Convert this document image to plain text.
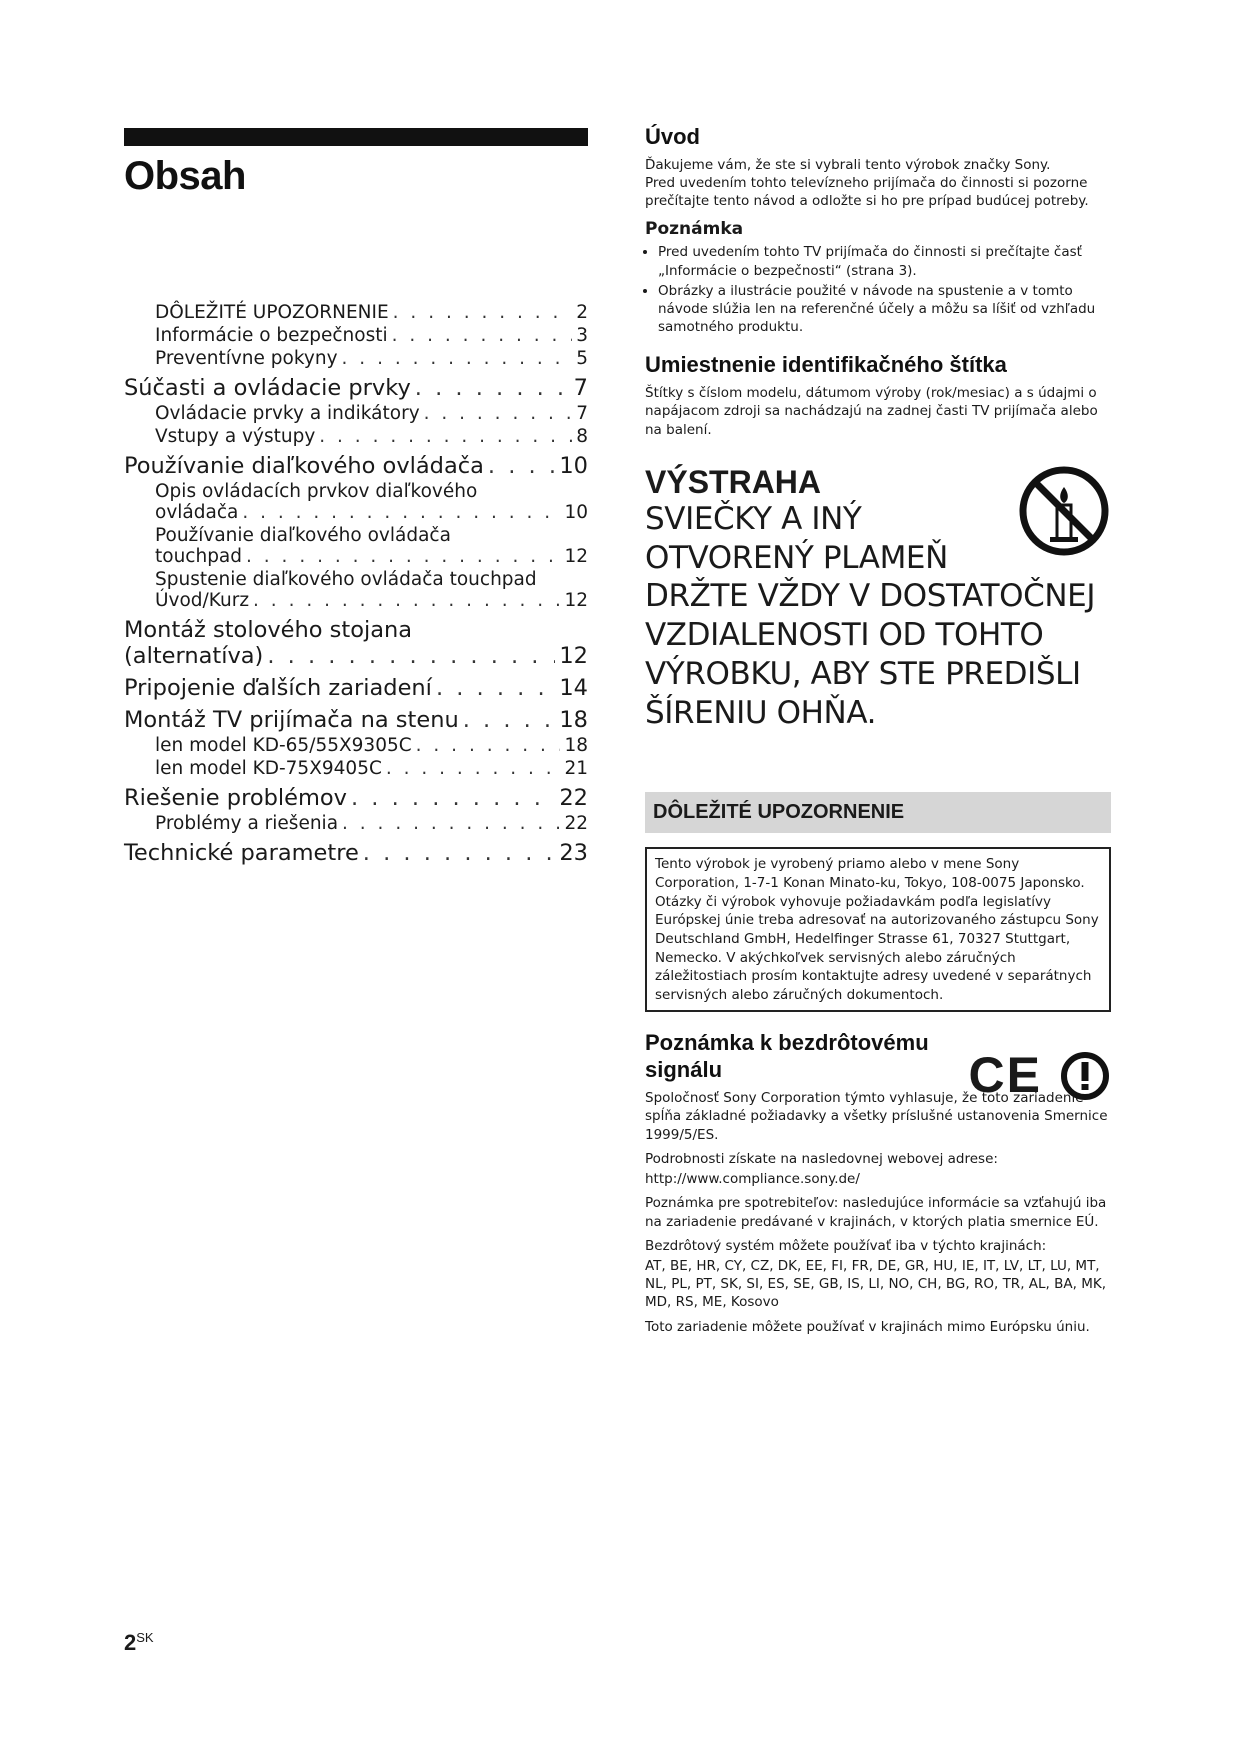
Obsah
DÔLEŽITÉ UPOZORNENIE . . .	2
Informácie o bezpečnosti . . .	3
Preventívne pokyny . . .	5
Súčasti a ovládacie prvky . . .	7
Ovládacie prvky a indikátory . . .	7
Vstupy a výstupy . . .	8
Používanie diaľkového ovládača . . .	10
Opis ovládacích prvkov diaľkového
ovládača . . .	10
Používanie diaľkového ovládača
touchpad . . .	12
Spustenie diaľkového ovládača touchpad
Úvod/Kurz . . .	12
Montáž stolového stojana
(alternatíva) . . .	12
Pripojenie ďalších zariadení . . .	14
Montáž TV prijímača na stenu . . .	18
len model KD-65/55X9305C . . .	18
len model KD-75X9405C . . .	21
Riešenie problémov . . .	22
Problémy a riešenia . . .	22
Technické parametre . . .	23
Úvod

Ďakujeme vám, že ste si vybrali tento výrobok značky Sony.

Pred uvedením tohto televízneho prijímača do činnosti si pozorne prečítajte tento návod a odložte si ho pre prípad budúcej potreby.

Poznámka
• Pred uvedením tohto TV prijímača do činnosti si prečítajte časť „Informácie o bezpečnosti“ (strana 3).
• Obrázky a ilustrácie použité v návode na spustenie a v tomto návode slúžia len na referenčné účely a môžu sa líšiť od vzhľadu samotného produktu.
Umiestnenie identifikačného štítka

Štítky s číslom modelu, dátumom výroby (rok/mesiac) a s údajmi o napájacom zdroji sa nachádzajú na zadnej časti TV prijímača alebo na balení.

VÝSTRAHA
SVIEČKY A INÝ
OTVORENÝ PLAMEŇ
DRŽTE VŽDY V DOSTATOČNEJ
VZDIALENOSTI OD TOHTO
VÝROBKU, ABY STE PREDIŠLI
ŠÍRENIU OHŇA.
DÔLEŽITÉ UPOZORNENIE
Tento výrobok je vyrobený priamo alebo v mene Sony Corporation, 1-7-1 Konan Minato-ku, Tokyo, 108-0075 Japonsko. Otázky či výrobok vyhovuje požiadavkám podľa legislatívy Európskej únie treba adresovať na autorizovaného zástupcu Sony Deutschland GmbH, Hedelfinger Strasse 61, 70327 Stuttgart, Nemecko. V akýchkoľvek servisných alebo záručných záležitostiach prosím kontaktujte adresy uvedené v separátnych servisných alebo záručných dokumentoch.
Poznámka k bezdrôtovému signálu	CE

Spoločnosť Sony Corporation týmto vyhlasuje, že toto zariadenie spĺňa základné požiadavky a všetky príslušné ustanovenia Smernice 1999/5/ES.

Podrobnosti získate na nasledovnej webovej adrese:

http://www.compliance.sony.de/

Poznámka pre spotrebiteľov: nasledujúce informácie sa vzťahujú iba na zariadenie predávané v krajinách, v ktorých platia smernice EÚ.

Bezdrôtový systém môžete používať iba v týchto krajinách:

AT, BE, HR, CY, CZ, DK, EE, FI, FR, DE, GR, HU, IE, IT, LV, LT, LU, MT, NL, PL, PT, SK, SI, ES, SE, GB, IS, LI, NO, CH, BG, RO, TR, AL, BA, MK, MD, RS, ME, Kosovo

Toto zariadenie môžete používať v krajinách mimo Európsku úniu.

$2^{SK}$
